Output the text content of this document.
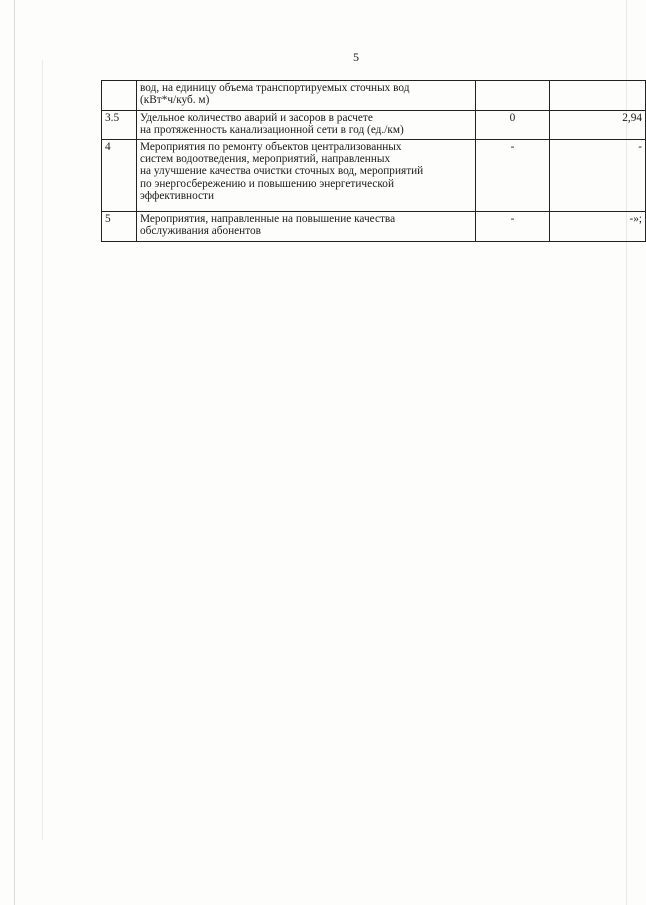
5

	вод, на единицу объема транспортируемых сточных вод
(кВт*ч/куб. м)		

3.5	Удельное количество аварий и засоров в расчете
на протяженность канализационной сети в год (ед./км)	0	2,94
4	Мероприятия по ремонту объектов централизованных
систем водоотведения, мероприятий, направленных
на улучшение качества очистки сточных вод, мероприятий
по энергосбережению и повышению энергетической
эффективности	-	-
5	Мероприятия, направленные на повышение качества
обслуживания абонентов	-	-»;
